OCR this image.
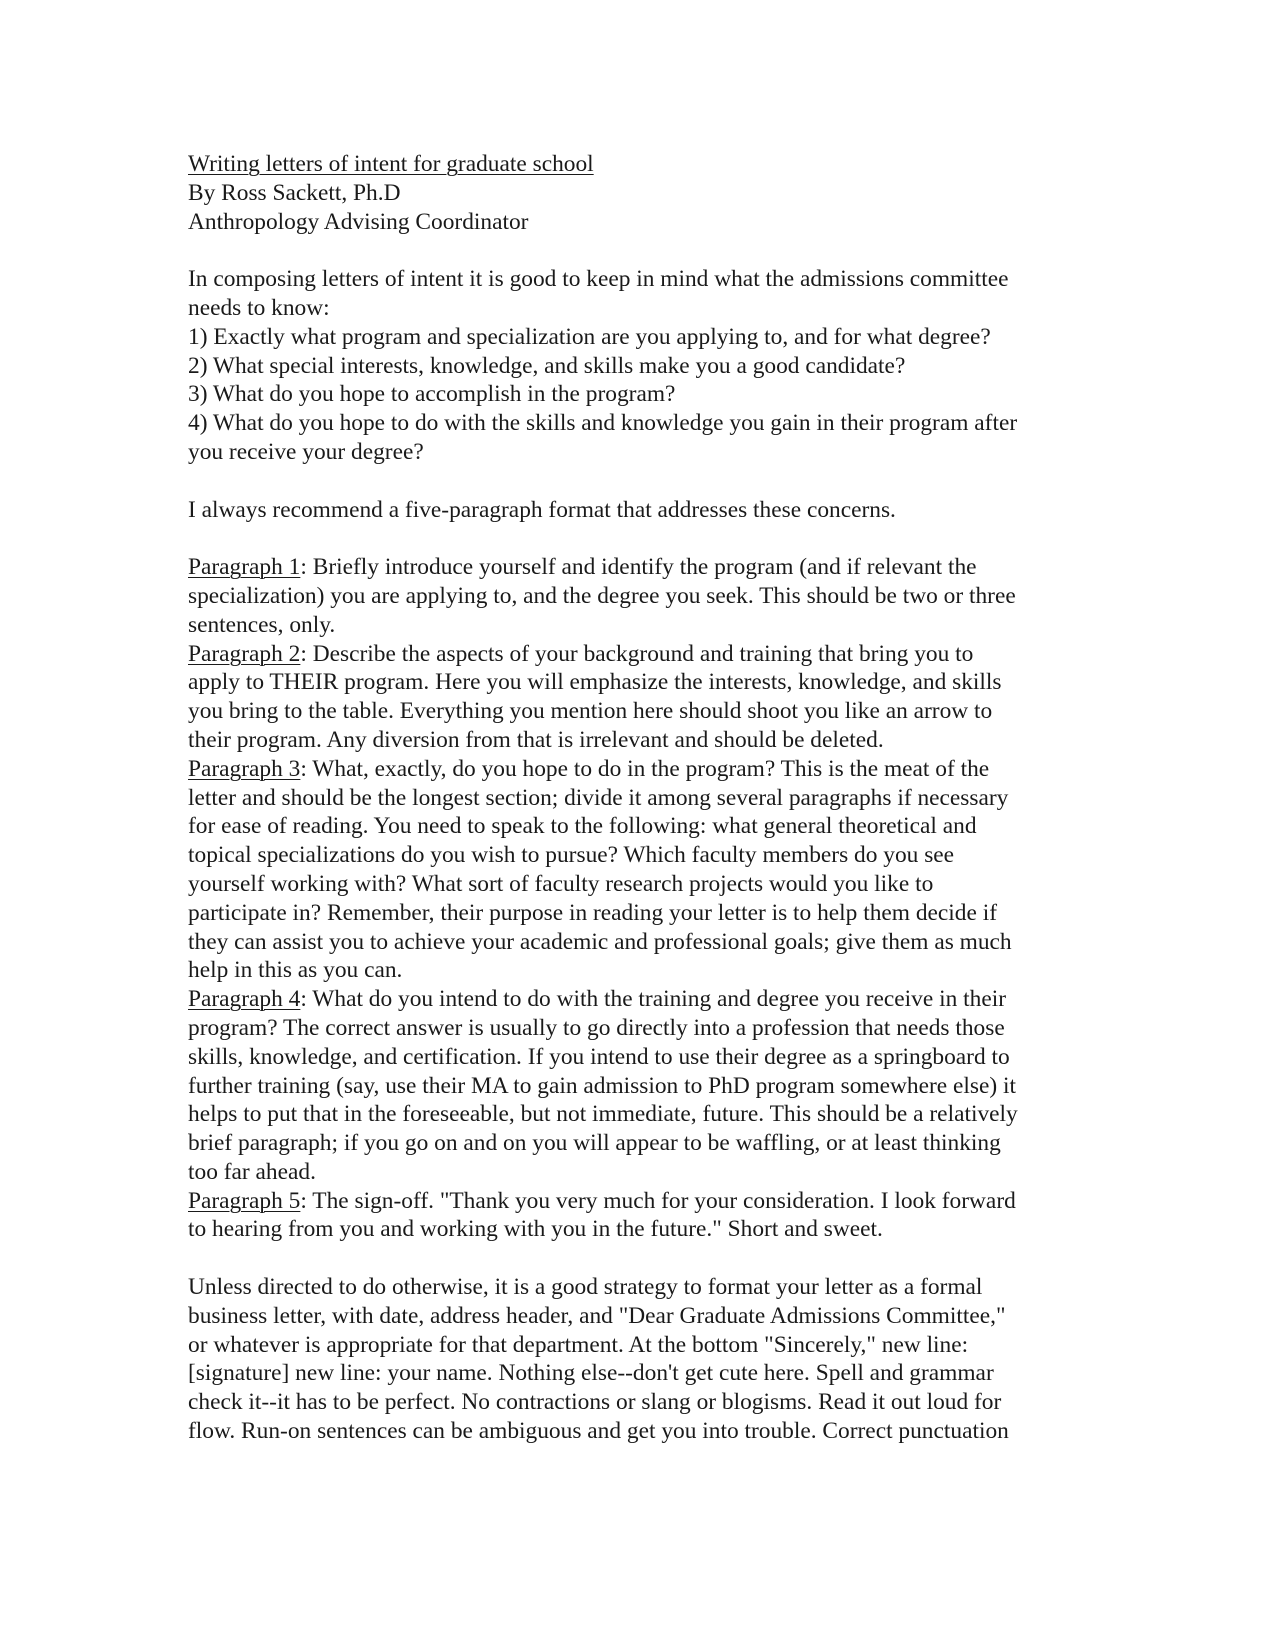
Writing letters of intent for graduate school
By Ross Sackett, Ph.D
Anthropology Advising Coordinator
In composing letters of intent it is good to keep in mind what the admissions committee
needs to know:
1) Exactly what program and specialization are you applying to, and for what degree?
2) What special interests, knowledge, and skills make you a good candidate?
3) What do you hope to accomplish in the program?
4) What do you hope to do with the skills and knowledge you gain in their program after
you receive your degree?
I always recommend a five-paragraph format that addresses these concerns.
Paragraph 1: Briefly introduce yourself and identify the program (and if relevant the
specialization) you are applying to, and the degree you seek. This should be two or three
sentences, only.
Paragraph 2: Describe the aspects of your background and training that bring you to
apply to THEIR program. Here you will emphasize the interests, knowledge, and skills
you bring to the table. Everything you mention here should shoot you like an arrow to
their program. Any diversion from that is irrelevant and should be deleted.
Paragraph 3: What, exactly, do you hope to do in the program? This is the meat of the
letter and should be the longest section; divide it among several paragraphs if necessary
for ease of reading. You need to speak to the following: what general theoretical and
topical specializations do you wish to pursue? Which faculty members do you see
yourself working with? What sort of faculty research projects would you like to
participate in? Remember, their purpose in reading your letter is to help them decide if
they can assist you to achieve your academic and professional goals; give them as much
help in this as you can.
Paragraph 4: What do you intend to do with the training and degree you receive in their
program? The correct answer is usually to go directly into a profession that needs those
skills, knowledge, and certification. If you intend to use their degree as a springboard to
further training (say, use their MA to gain admission to PhD program somewhere else) it
helps to put that in the foreseeable, but not immediate, future. This should be a relatively
brief paragraph; if you go on and on you will appear to be waffling, or at least thinking
too far ahead.
Paragraph 5: The sign-off. "Thank you very much for your consideration. I look forward
to hearing from you and working with you in the future." Short and sweet.
Unless directed to do otherwise, it is a good strategy to format your letter as a formal
business letter, with date, address header, and "Dear Graduate Admissions Committee,"
or whatever is appropriate for that department. At the bottom "Sincerely," new line:
[signature] new line: your name. Nothing else--don't get cute here. Spell and grammar
check it--it has to be perfect. No contractions or slang or blogisms. Read it out loud for
flow. Run-on sentences can be ambiguous and get you into trouble. Correct punctuation
